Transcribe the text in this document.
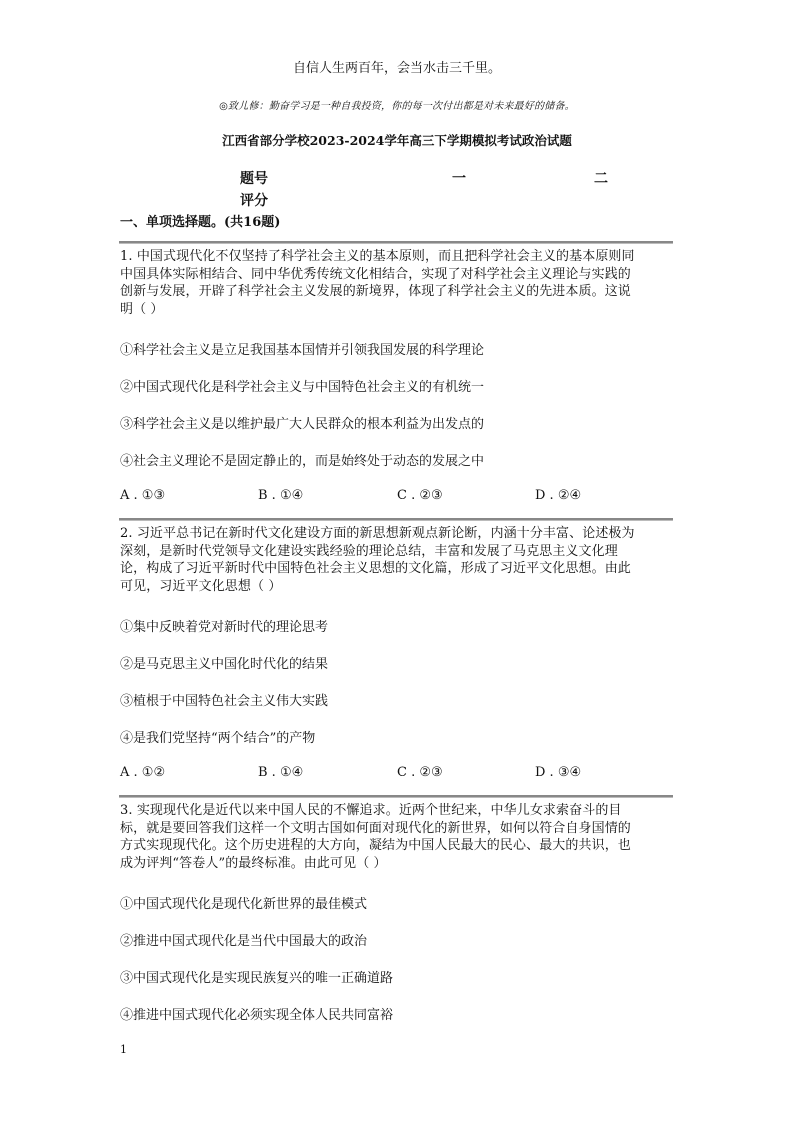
自信人生两百年，会当水击三千里。
◎致儿修：勤奋学习是一种自我投资，你的每一次付出都是对未来最好的储备。
江西省部分学校2023-2024学年高三下学期模拟考试政治试题
题号	一	二
评分
一、单项选择题。(共16题)
1. 中国式现代化不仅坚持了科学社会主义的基本原则，而且把科学社会主义的基本原则同
中国具体实际相结合、同中华优秀传统文化相结合，实现了对科学社会主义理论与实践的
创新与发展，开辟了科学社会主义发展的新境界，体现了科学社会主义的先进本质。这说
明（ ）
①科学社会主义是立足我国基本国情并引领我国发展的科学理论
②中国式现代化是科学社会主义与中国特色社会主义的有机统一
③科学社会主义是以维护最广大人民群众的根本利益为出发点的
④社会主义理论不是固定静止的，而是始终处于动态的发展之中
A . ①③	B . ①④	C . ②③	D . ②④
2. 习近平总书记在新时代文化建设方面的新思想新观点新论断，内涵十分丰富、论述极为
深刻，是新时代党领导文化建设实践经验的理论总结，丰富和发展了马克思主义文化理
论，构成了习近平新时代中国特色社会主义思想的文化篇，形成了习近平文化思想。由此
可见，习近平文化思想（ ）
①集中反映着党对新时代的理论思考
②是马克思主义中国化时代化的结果
③植根于中国特色社会主义伟大实践
④是我们党坚持“两个结合”的产物
A . ①②	B . ①④	C . ②③	D . ③④
3. 实现现代化是近代以来中国人民的不懈追求。近两个世纪来，中华儿女求索奋斗的目
标，就是要回答我们这样一个文明古国如何面对现代化的新世界，如何以符合自身国情的
方式实现现代化。这个历史进程的大方向，凝结为中国人民最大的民心、最大的共识，也
成为评判“答卷人”的最终标准。由此可见（ ）
①中国式现代化是现代化新世界的最佳模式
②推进中国式现代化是当代中国最大的政治
③中国式现代化是实现民族复兴的唯一正确道路
④推进中国式现代化必须实现全体人民共同富裕
1
